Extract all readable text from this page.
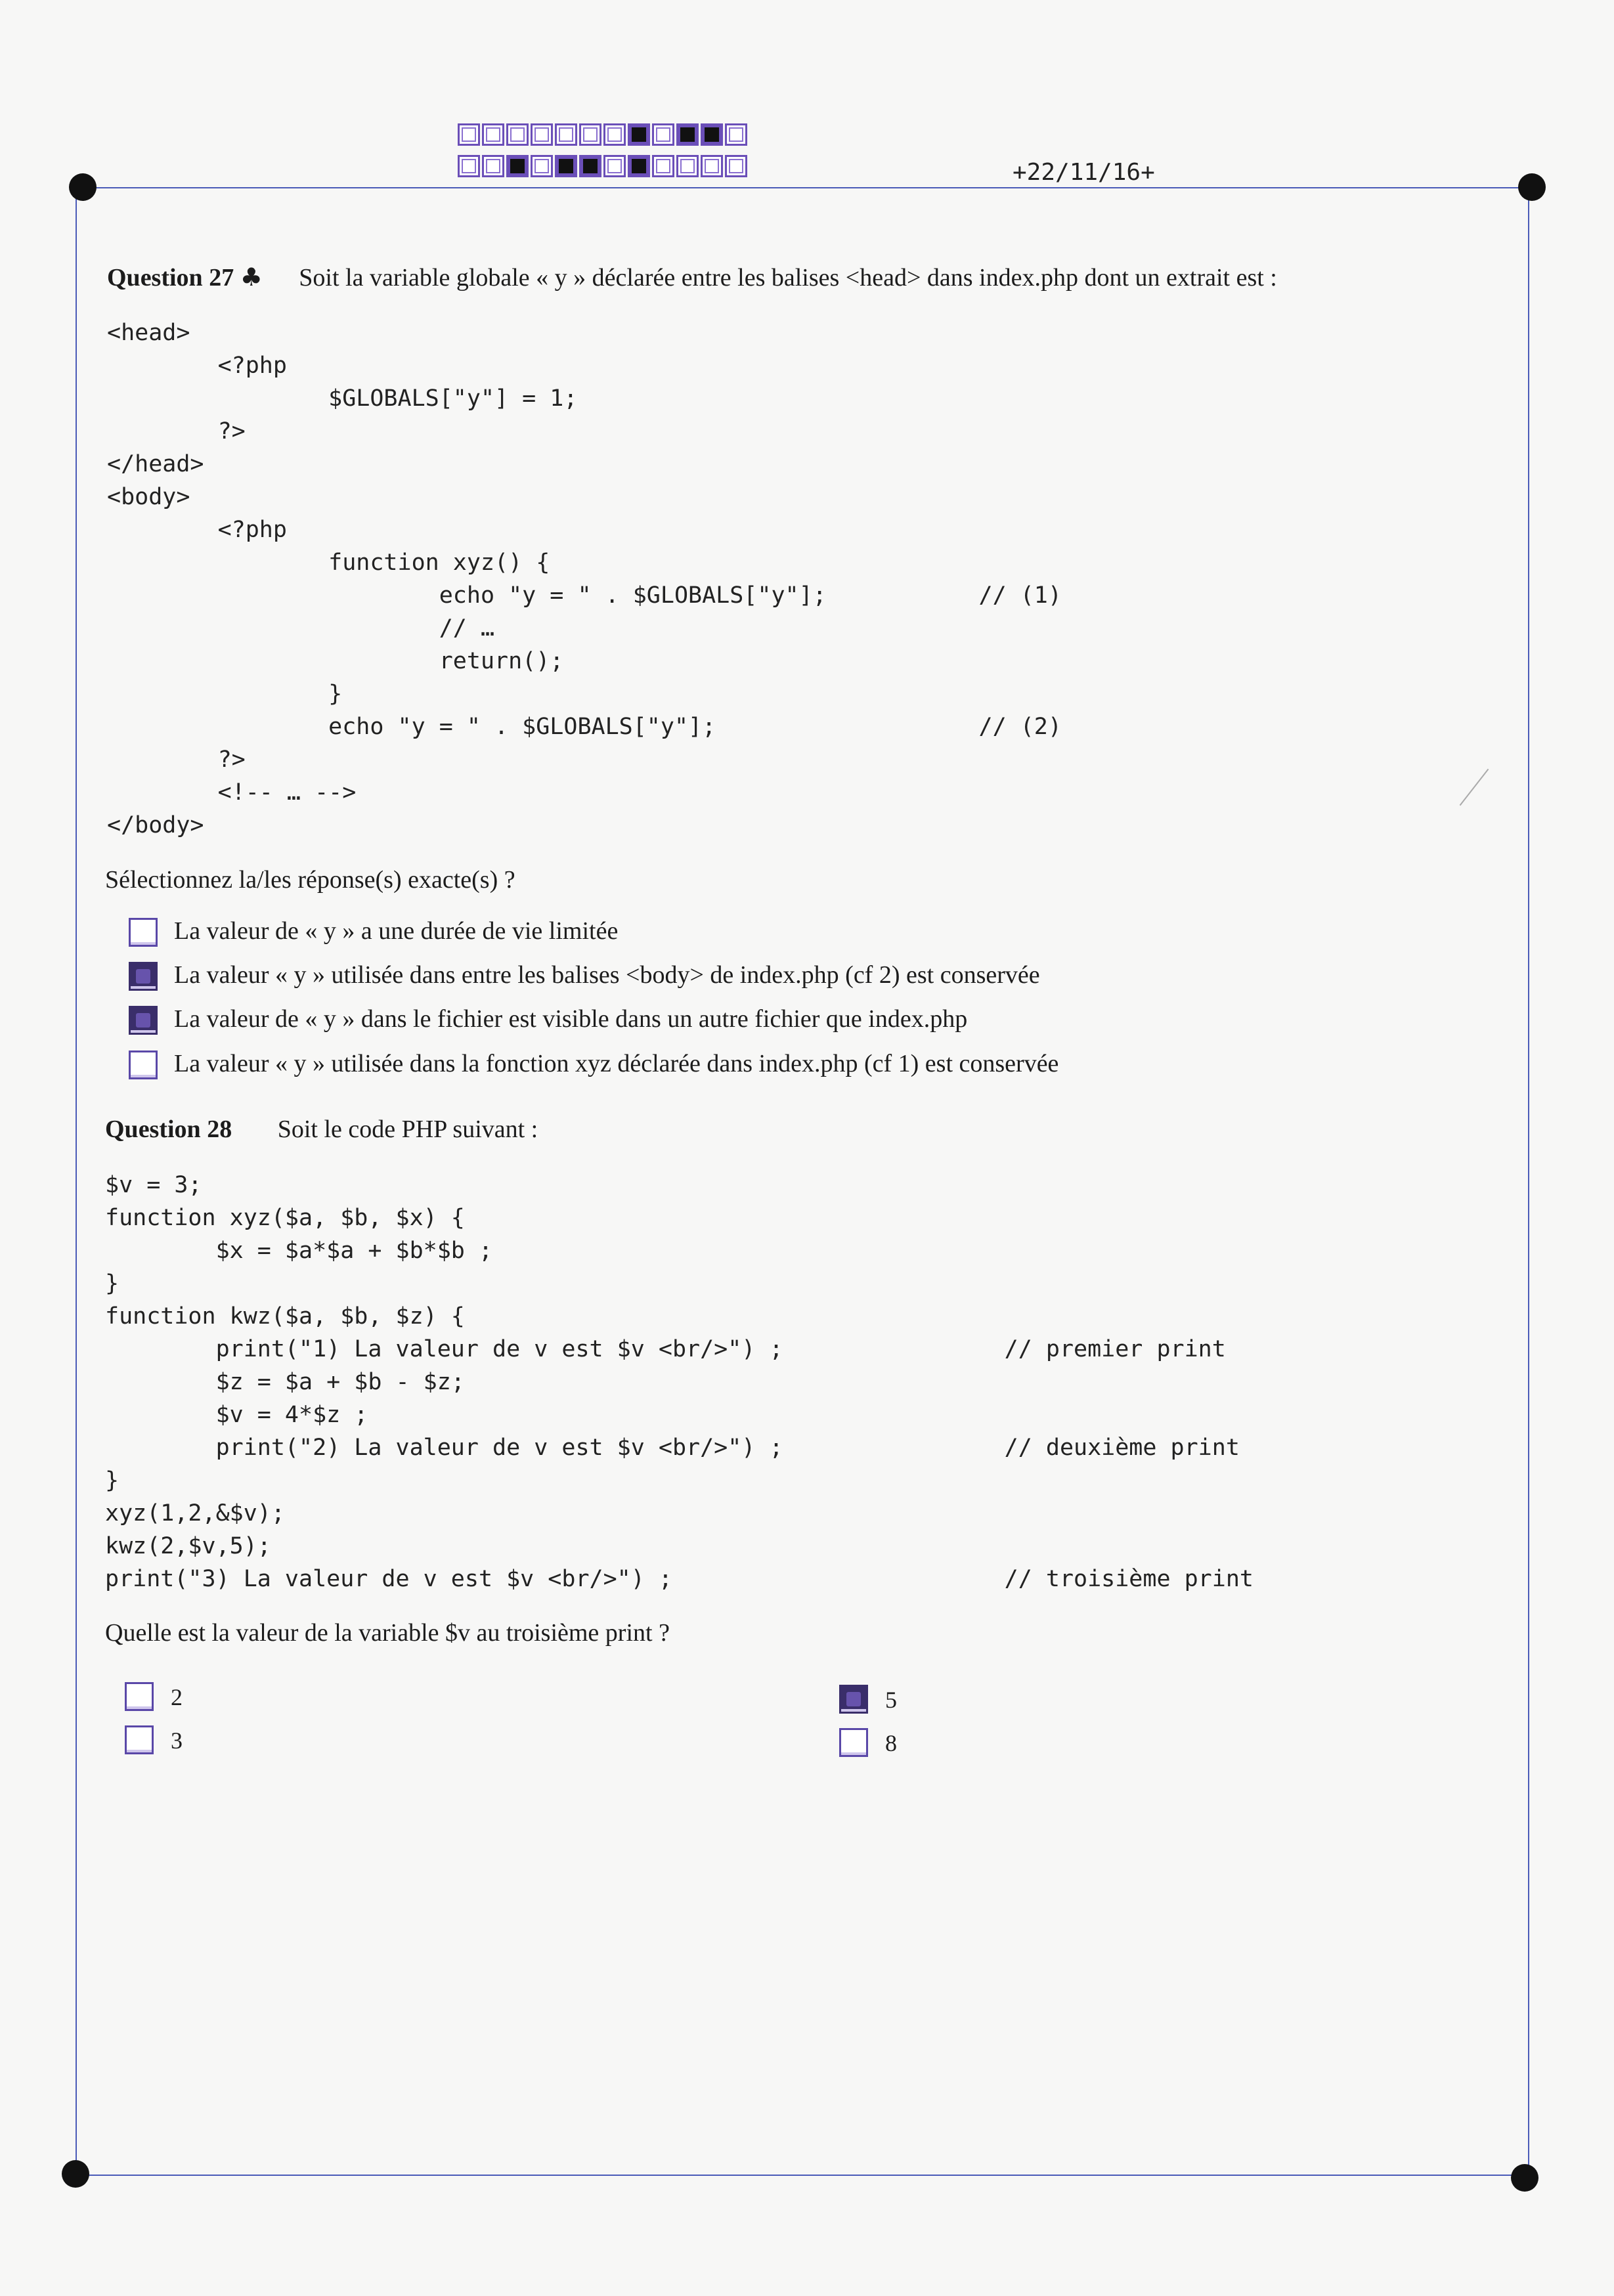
+22/11/16+
Question 27 ♣ Soit la variable globale « y » déclarée entre les balises <head> dans index.php dont un extrait est :
<head>
<?php
$GLOBALS["y"] = 1;
?>
</head>
<body>
<?php
function xyz() {
echo "y = " . $GLOBALS["y"];           // (1)
// …
return();
}
echo "y = " . $GLOBALS["y"];                   // (2)
?>
<!-- … -->
</body>
Sélectionnez la/les réponse(s) exacte(s) ?
La valeur de « y » a une durée de vie limitée
La valeur « y » utilisée dans entre les balises <body> de index.php (cf 2) est conservée
La valeur de « y » dans le fichier est visible dans un autre fichier que index.php
La valeur « y » utilisée dans la fonction xyz déclarée dans index.php (cf 1) est conservée
Question 28 Soit le code PHP suivant :
$v = 3;
function xyz($a, $b, $x) {
$x = $a*$a + $b*$b ;
}
function kwz($a, $b, $z) {
print("1) La valeur de v est $v <br/>") ;                // premier print
$z = $a + $b - $z;
$v = 4*$z ;
print("2) La valeur de v est $v <br/>") ;                // deuxième print
}
xyz(1,2,&$v);
kwz(2,$v,5);
print("3) La valeur de v est $v <br/>") ;                        // troisième print
Quelle est la valeur de la variable $v au troisième print ?
2
3
5
8
